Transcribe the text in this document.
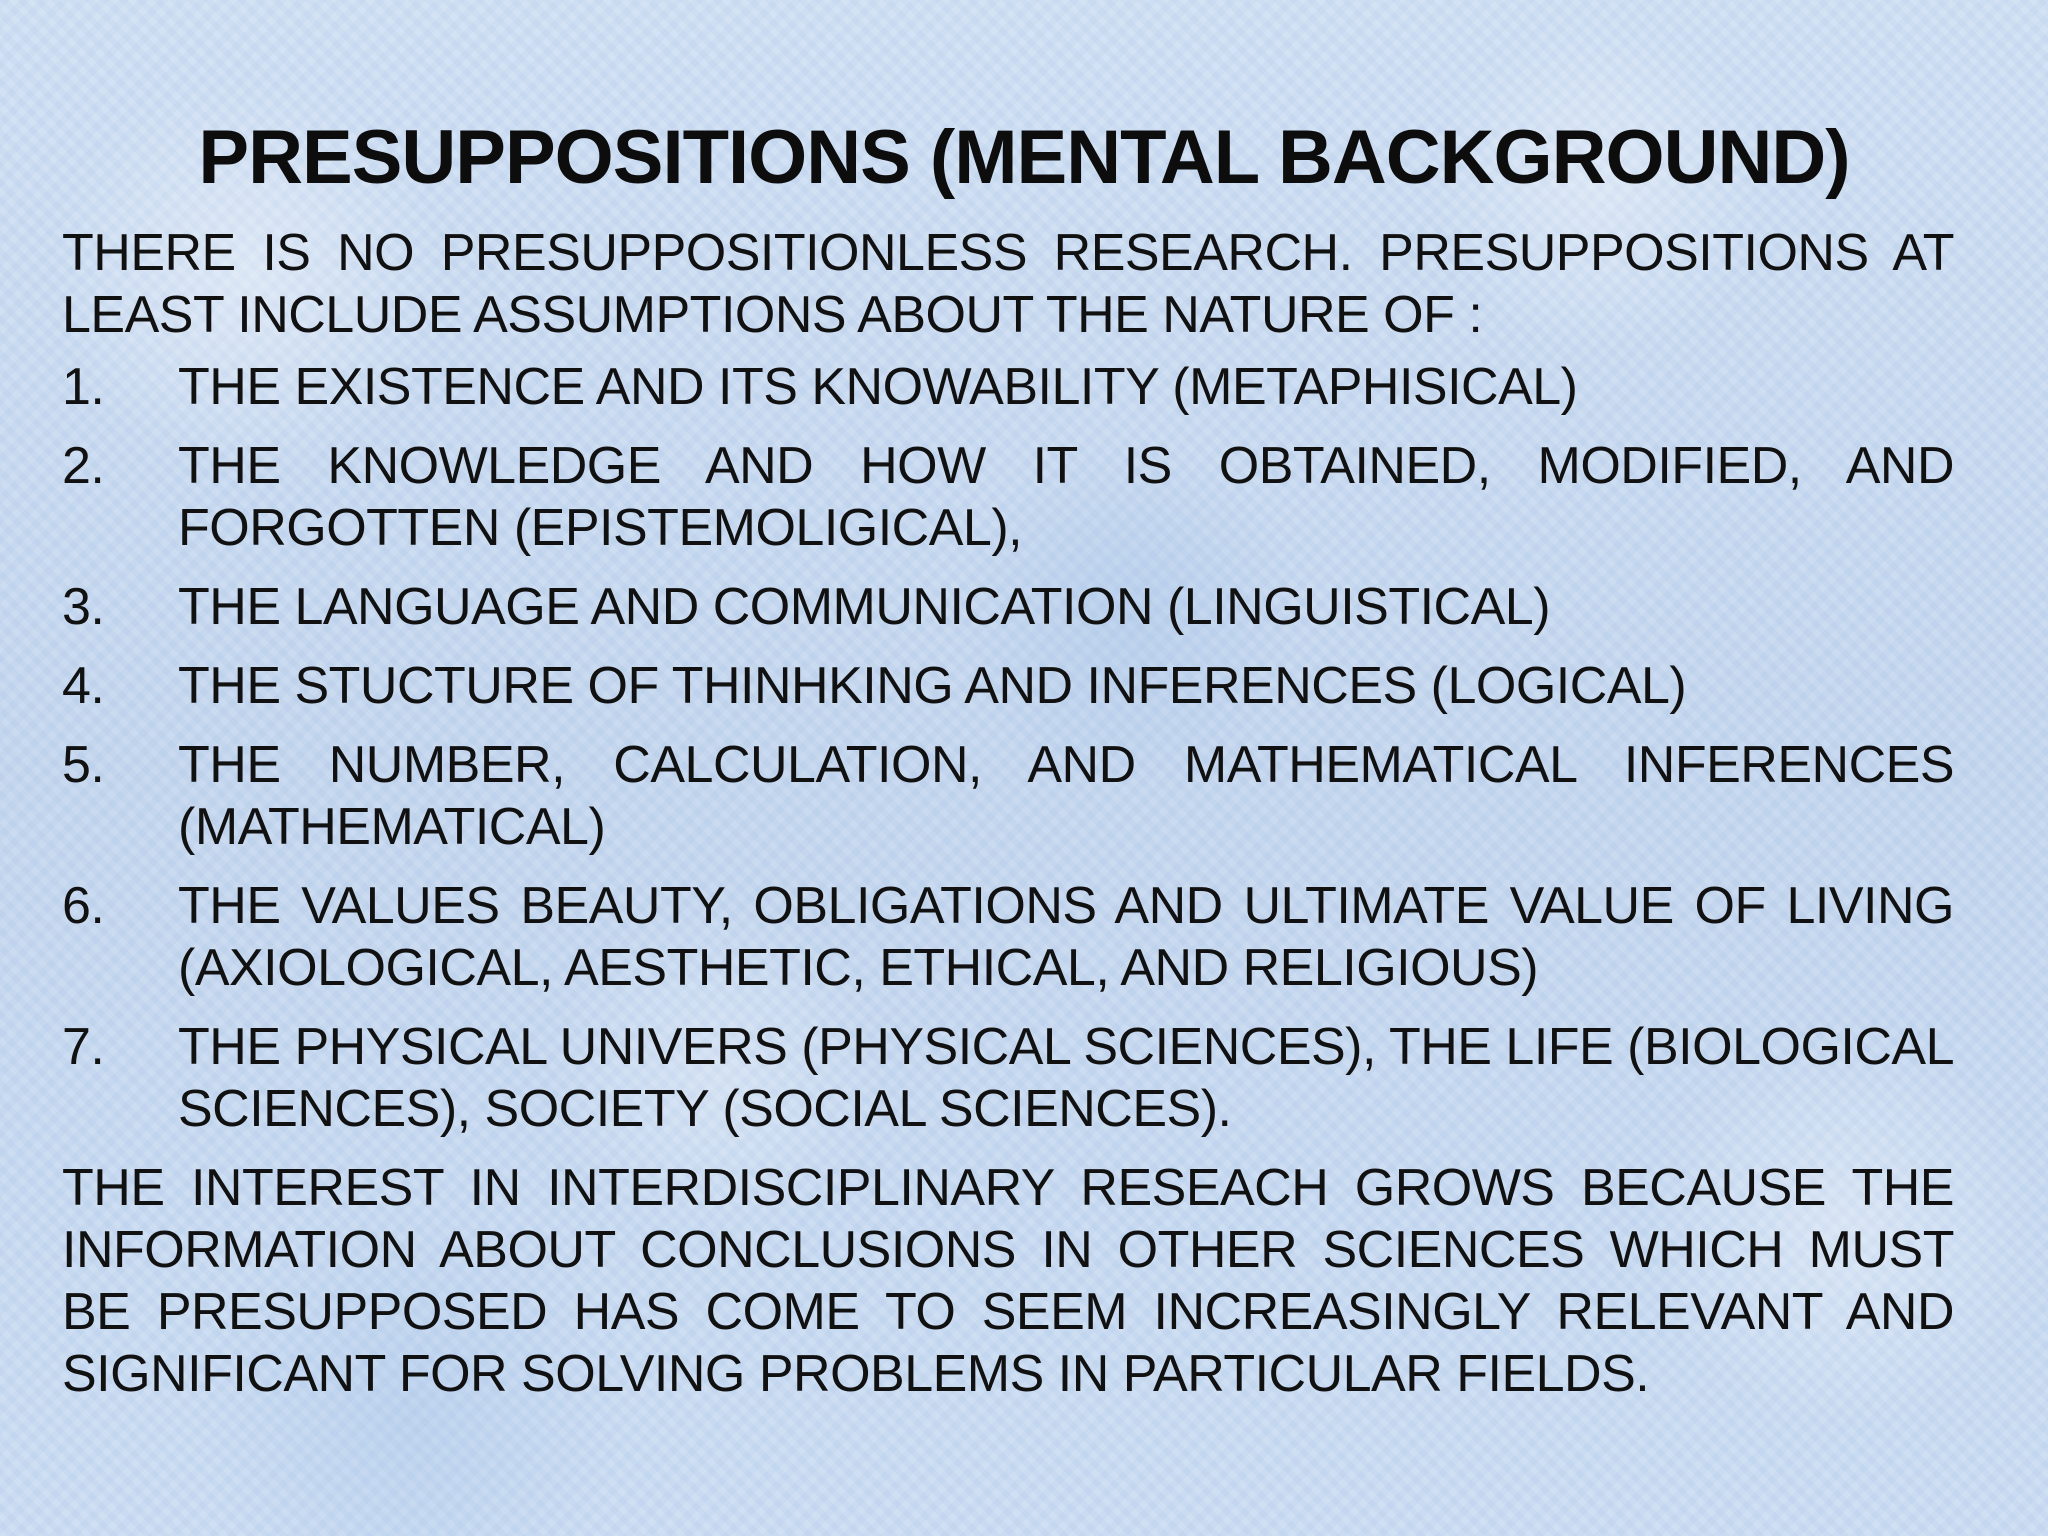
PRESUPPOSITIONS (MENTAL BACKGROUND)

THERE IS NO PRESUPPOSITIONLESS RESEARCH. PRESUPPOSITIONS AT LEAST INCLUDE ASSUMPTIONS ABOUT THE NATURE OF :

1.	THE EXISTENCE AND ITS KNOWABILITY (METAPHISICAL)
2.	THE KNOWLEDGE AND HOW IT IS OBTAINED, MODIFIED, AND FORGOTTEN (EPISTEMOLIGICAL),
3.	THE LANGUAGE AND COMMUNICATION (LINGUISTICAL)
4.	THE STUCTURE OF THINHKING AND INFERENCES (LOGICAL)
5.	THE NUMBER, CALCULATION, AND MATHEMATICAL INFERENCES (MATHEMATICAL)
6.	THE VALUES BEAUTY, OBLIGATIONS AND ULTIMATE VALUE OF LIVING (AXIOLOGICAL, AESTHETIC, ETHICAL, AND RELIGIOUS)
7.	THE PHYSICAL UNIVERS (PHYSICAL SCIENCES), THE LIFE (BIOLOGICAL SCIENCES), SOCIETY (SOCIAL SCIENCES).

THE INTEREST IN INTERDISCIPLINARY RESEACH GROWS BECAUSE THE INFORMATION ABOUT CONCLUSIONS IN OTHER SCIENCES WHICH MUST BE PRESUPPOSED HAS COME TO SEEM INCREASINGLY RELEVANT AND SIGNIFICANT FOR SOLVING PROBLEMS IN PARTICULAR FIELDS.
